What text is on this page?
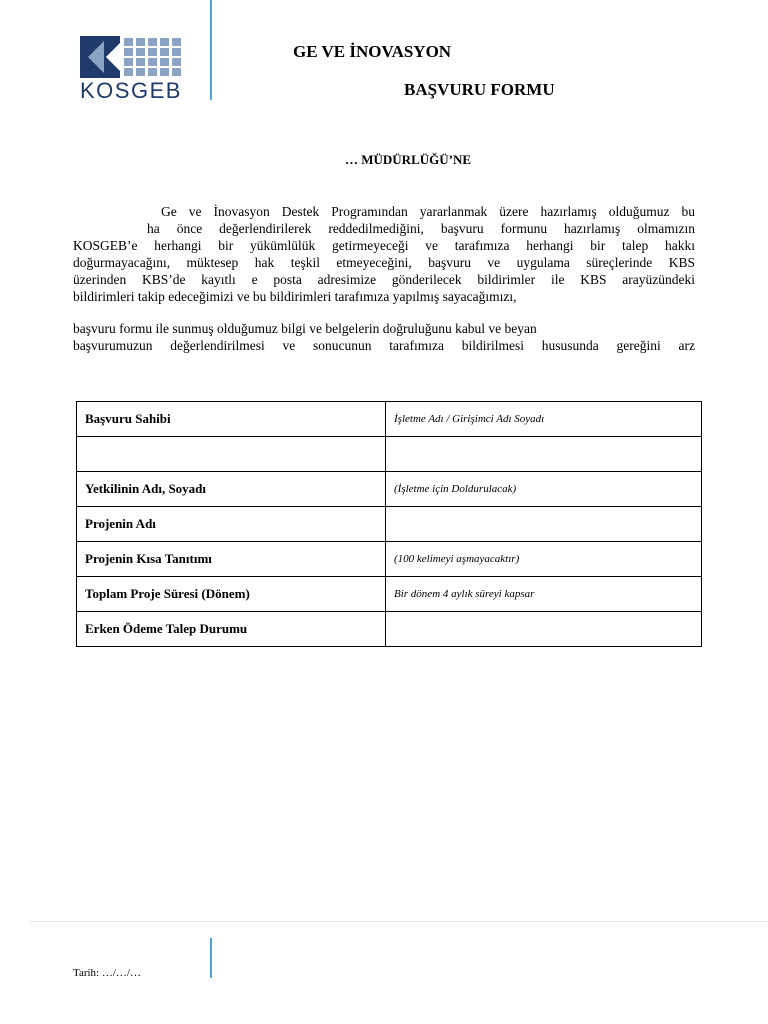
KOSGEB
GE VE İNOVASYON
BAŞVURU FORMU
… MÜDÜRLÜĞÜ’NE
Ge ve İnovasyon Destek Programından yararlanmak üzere hazırlamış olduğumuz bu
ha önce değerlendirilerek reddedilmediğini, başvuru formunu hazırlamış olmamızın
KOSGEB’e herhangi bir yükümlülük getirmeyeceği ve tarafımıza herhangi bir talep hakkı
doğurmayacağını, müktesep hak teşkil etmeyeceğini, başvuru ve uygulama süreçlerinde KBS
üzerinden KBS’de kayıtlı e posta adresimize gönderilecek bildirimler ile KBS arayüzündeki
bildirimleri takip edeceğimizi ve bu bildirimleri tarafımıza yapılmış sayacağımızı,
başvuru formu ile sunmuş olduğumuz bilgi ve belgelerin doğruluğunu kabul ve beyan
başvurumuzun değerlendirilmesi ve sonucunun tarafımıza bildirilmesi hususunda gereğini arz
Başvuru Sahibi	İşletme Adı / Girişimci Adı Soyadı

Yetkilinin Adı, Soyadı	(İşletme için Doldurulacak)
Projenin Adı	
Projenin Kısa Tanıtımı	(100 kelimeyi aşmayacaktır)
Toplam Proje Süresi (Dönem)	Bir dönem 4 aylık süreyi kapsar
Erken Ödeme Talep Durumu	
Tarih: …/…/…
